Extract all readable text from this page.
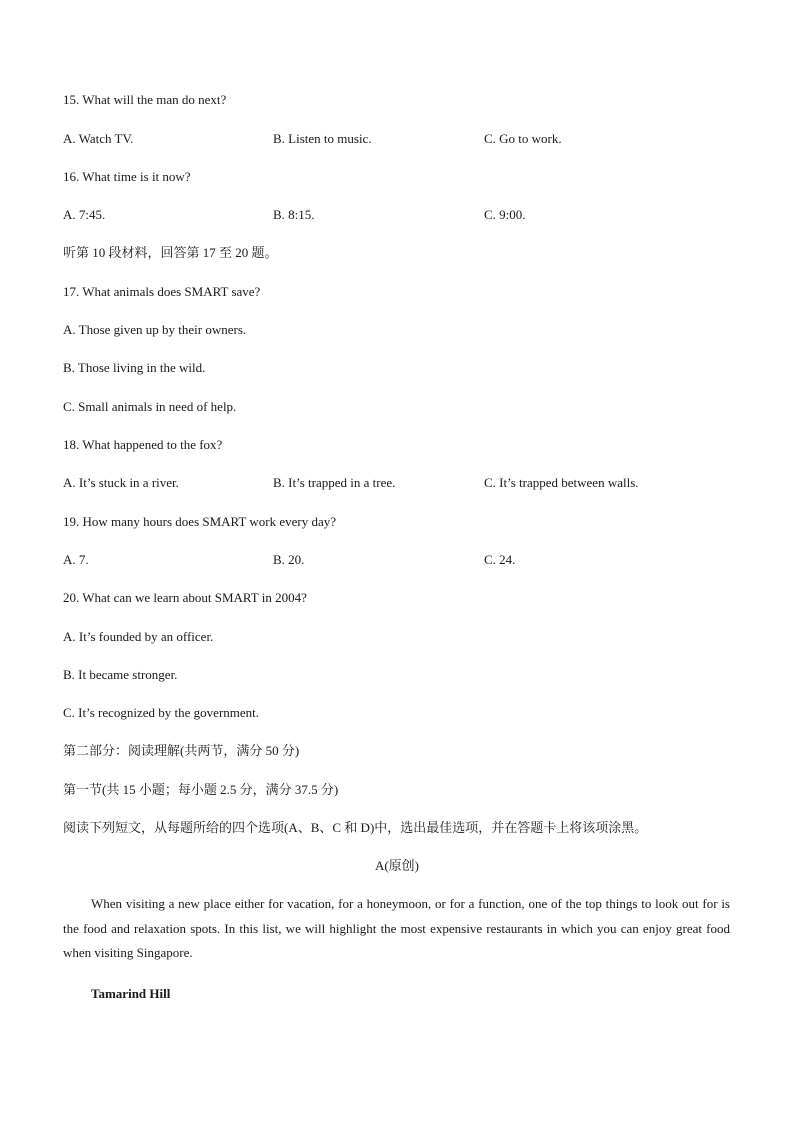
15. What will the man do next?
A. Watch TV.	B. Listen to music.	C. Go to work.
16. What time is it now?
A. 7:45.	B. 8:15.	C. 9:00.
听第 10 段材料，回答第 17 至 20 题。
17. What animals does SMART save?
A. Those given up by their owners.
B. Those living in the wild.
C. Small animals in need of help.
18. What happened to the fox?
A. It’s stuck in a river.	B. It’s trapped in a tree.	C. It’s trapped between walls.
19. How many hours does SMART work every day?
A. 7.	B. 20.	C. 24.
20. What can we learn about SMART in 2004?
A. It’s founded by an officer.
B. It became stronger.
C. It’s recognized by the government.
第二部分：阅读理解(共两节，满分 50 分)
第一节(共 15 小题；每小题 2.5 分，满分 37.5 分)
阅读下列短文，从每题所给的四个选项(A、B、C 和 D)中，选出最佳选项，并在答题卡上将该项涂黑。
A(原创)
When visiting a new place either for vacation, for a honeymoon, or for a function, one of the top things to look out for is the food and relaxation spots. In this list, we will highlight the most expensive restaurants in which you can enjoy great food when visiting Singapore.
Tamarind Hill
